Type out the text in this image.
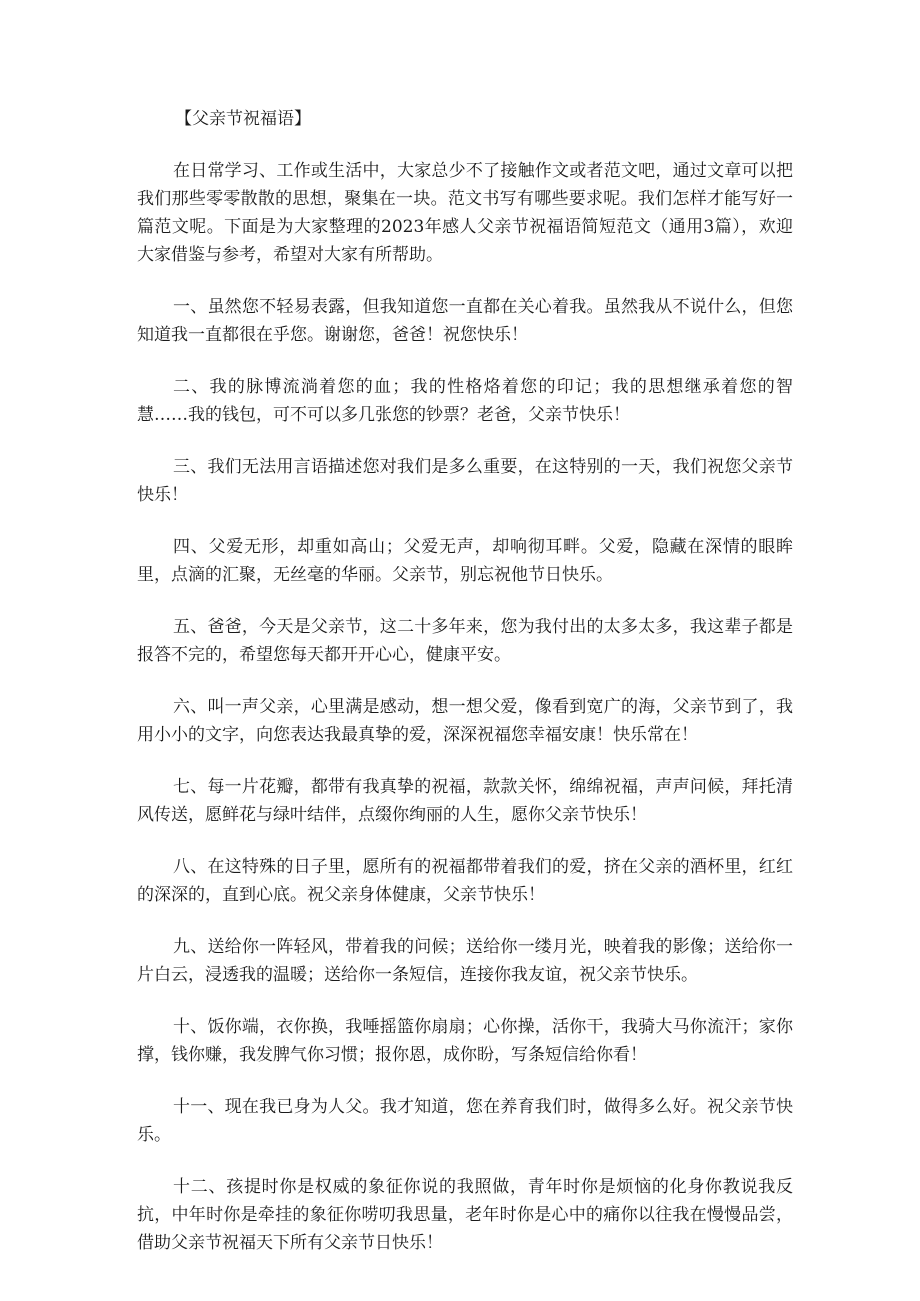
【父亲节祝福语】

在日常学习、工作或生活中，大家总少不了接触作文或者范文吧，通过文章可以把我们那些零零散散的思想，聚集在一块。范文书写有哪些要求呢。我们怎样才能写好一篇范文呢。下面是为大家整理的2023年感人父亲节祝福语简短范文（通用3篇），欢迎大家借鉴与参考，希望对大家有所帮助。

一、虽然您不轻易表露，但我知道您一直都在关心着我。虽然我从不说什么，但您知道我一直都很在乎您。谢谢您，爸爸！祝您快乐！

二、我的脉博流淌着您的血；我的性格烙着您的印记；我的思想继承着您的智慧……我的钱包，可不可以多几张您的钞票？老爸，父亲节快乐！

三、我们无法用言语描述您对我们是多么重要，在这特别的一天，我们祝您父亲节快乐！

四、父爱无形，却重如高山；父爱无声，却响彻耳畔。父爱，隐藏在深情的眼眸里，点滴的汇聚，无丝毫的华丽。父亲节，别忘祝他节日快乐。

五、爸爸，今天是父亲节，这二十多年来，您为我付出的太多太多，我这辈子都是报答不完的，希望您每天都开开心心，健康平安。

六、叫一声父亲，心里满是感动，想一想父爱，像看到宽广的海，父亲节到了，我用小小的文字，向您表达我最真挚的爱，深深祝福您幸福安康！快乐常在！

七、每一片花瓣，都带有我真挚的祝福，款款关怀，绵绵祝福，声声问候，拜托清风传送，愿鲜花与绿叶结伴，点缀你绚丽的人生，愿你父亲节快乐！

八、在这特殊的日子里，愿所有的祝福都带着我们的爱，挤在父亲的酒杯里，红红的深深的，直到心底。祝父亲身体健康，父亲节快乐！

九、送给你一阵轻风，带着我的问候；送给你一缕月光，映着我的影像；送给你一片白云，浸透我的温暖；送给你一条短信，连接你我友谊，祝父亲节快乐。

十、饭你端，衣你换，我唾摇篮你扇扇；心你操，活你干，我骑大马你流汗；家你撑，钱你赚，我发脾气你习惯；报你恩，成你盼，写条短信给你看！

十一、现在我已身为人父。我才知道，您在养育我们时，做得多么好。祝父亲节快乐。

十二、孩提时你是权威的象征你说的我照做，青年时你是烦恼的化身你教说我反抗，中年时你是牵挂的象征你唠叨我思量，老年时你是心中的痛你以往我在慢慢品尝，借助父亲节祝福天下所有父亲节日快乐！
